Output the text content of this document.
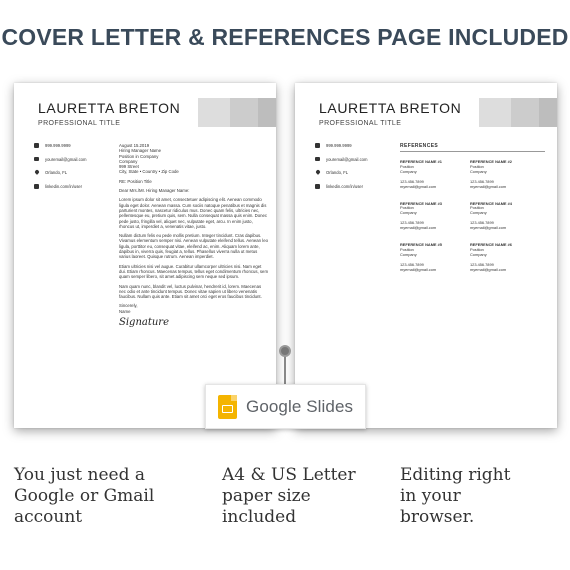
COVER LETTER & REFERENCES PAGE INCLUDED
LAURETTA BRETON
PROFESSIONAL TITLE
999.999.9999
youremail@gmail.com
Orlando, FL
linkedin.com/in/user
August 15.2019
Hiring Manager Name
Position in Company
Company
999 Street
City, State • Country • Zip Code
RE: Position Title
Dear Mrs./Mr. Hiring Manager Name:
Lorem ipsum dolor sit amet, consectetuer adipiscing elit. Aenean commodo ligula eget dolor. Aenean massa. Cum sociis natoque penatibus et magnis dis parturient montes, nascetur ridiculus mus. Donec quam felis, ultricies nec, pellentesque eu, pretium quis, sem. Nulla consequat massa quis enim. Donec pede justo, fringilla vel, aliquet nec, vulputate eget, arcu. In enim justo, rhoncus ut, imperdiet a, venenatis vitae, justo.
Nullam dictum felis eu pede mollis pretium. Integer tincidunt. Cras dapibus. Vivamus elementum semper nisi. Aenean vulputate eleifend tellus. Aenean leo ligula, porttitor eu, consequat vitae, eleifend ac, enim. Aliquam lorem ante, dapibus in, viverra quis, feugiat a, tellus. Phasellus viverra nulla ut metus varius laoreet. Quisque rutrum. Aenean imperdiet.
Etiam ultricies nisi vel augue. Curabitur ullamcorper ultricies nisi. Nam eget dui. Etiam rhoncus. Maecenas tempus, tellus eget condimentum rhoncus, sem quam semper libero, sit amet adipiscing sem neque sed ipsum.
Nam quam nunc, blandit vel, luctus pulvinar, hendrerit id, lorem. Maecenas nec odio et ante tincidunt tempus. Donec vitae sapien ut libero venenatis faucibus. Nullam quis ante. Etiam sit amet orci eget eros faucibus tincidunt.
Sincerely,
Name
Signature
LAURETTA BRETON
PROFESSIONAL TITLE
999.999.9999
youremail@gmail.com
Orlando, FL
linkedin.com/in/user
REFERENCES
REFERENCE NAME #1
Position
Company
123.456.7899
myemail@gmail.com
REFERENCE NAME #2
Position
Company
123.456.7899
myemail@gmail.com
REFERENCE NAME #3
Position
Company
123.456.7899
myemail@gmail.com
REFERENCE NAME #4
Position
Company
123.456.7899
myemail@gmail.com
REFERENCE NAME #5
Position
Company
123.456.7899
myemail@gmail.com
REFERENCE NAME #6
Position
Company
123.456.7899
myemail@gmail.com
Google Slides
You just need a
Google or Gmail
account
A4 & US Letter
paper size
included
Editing right
in your
browser.
